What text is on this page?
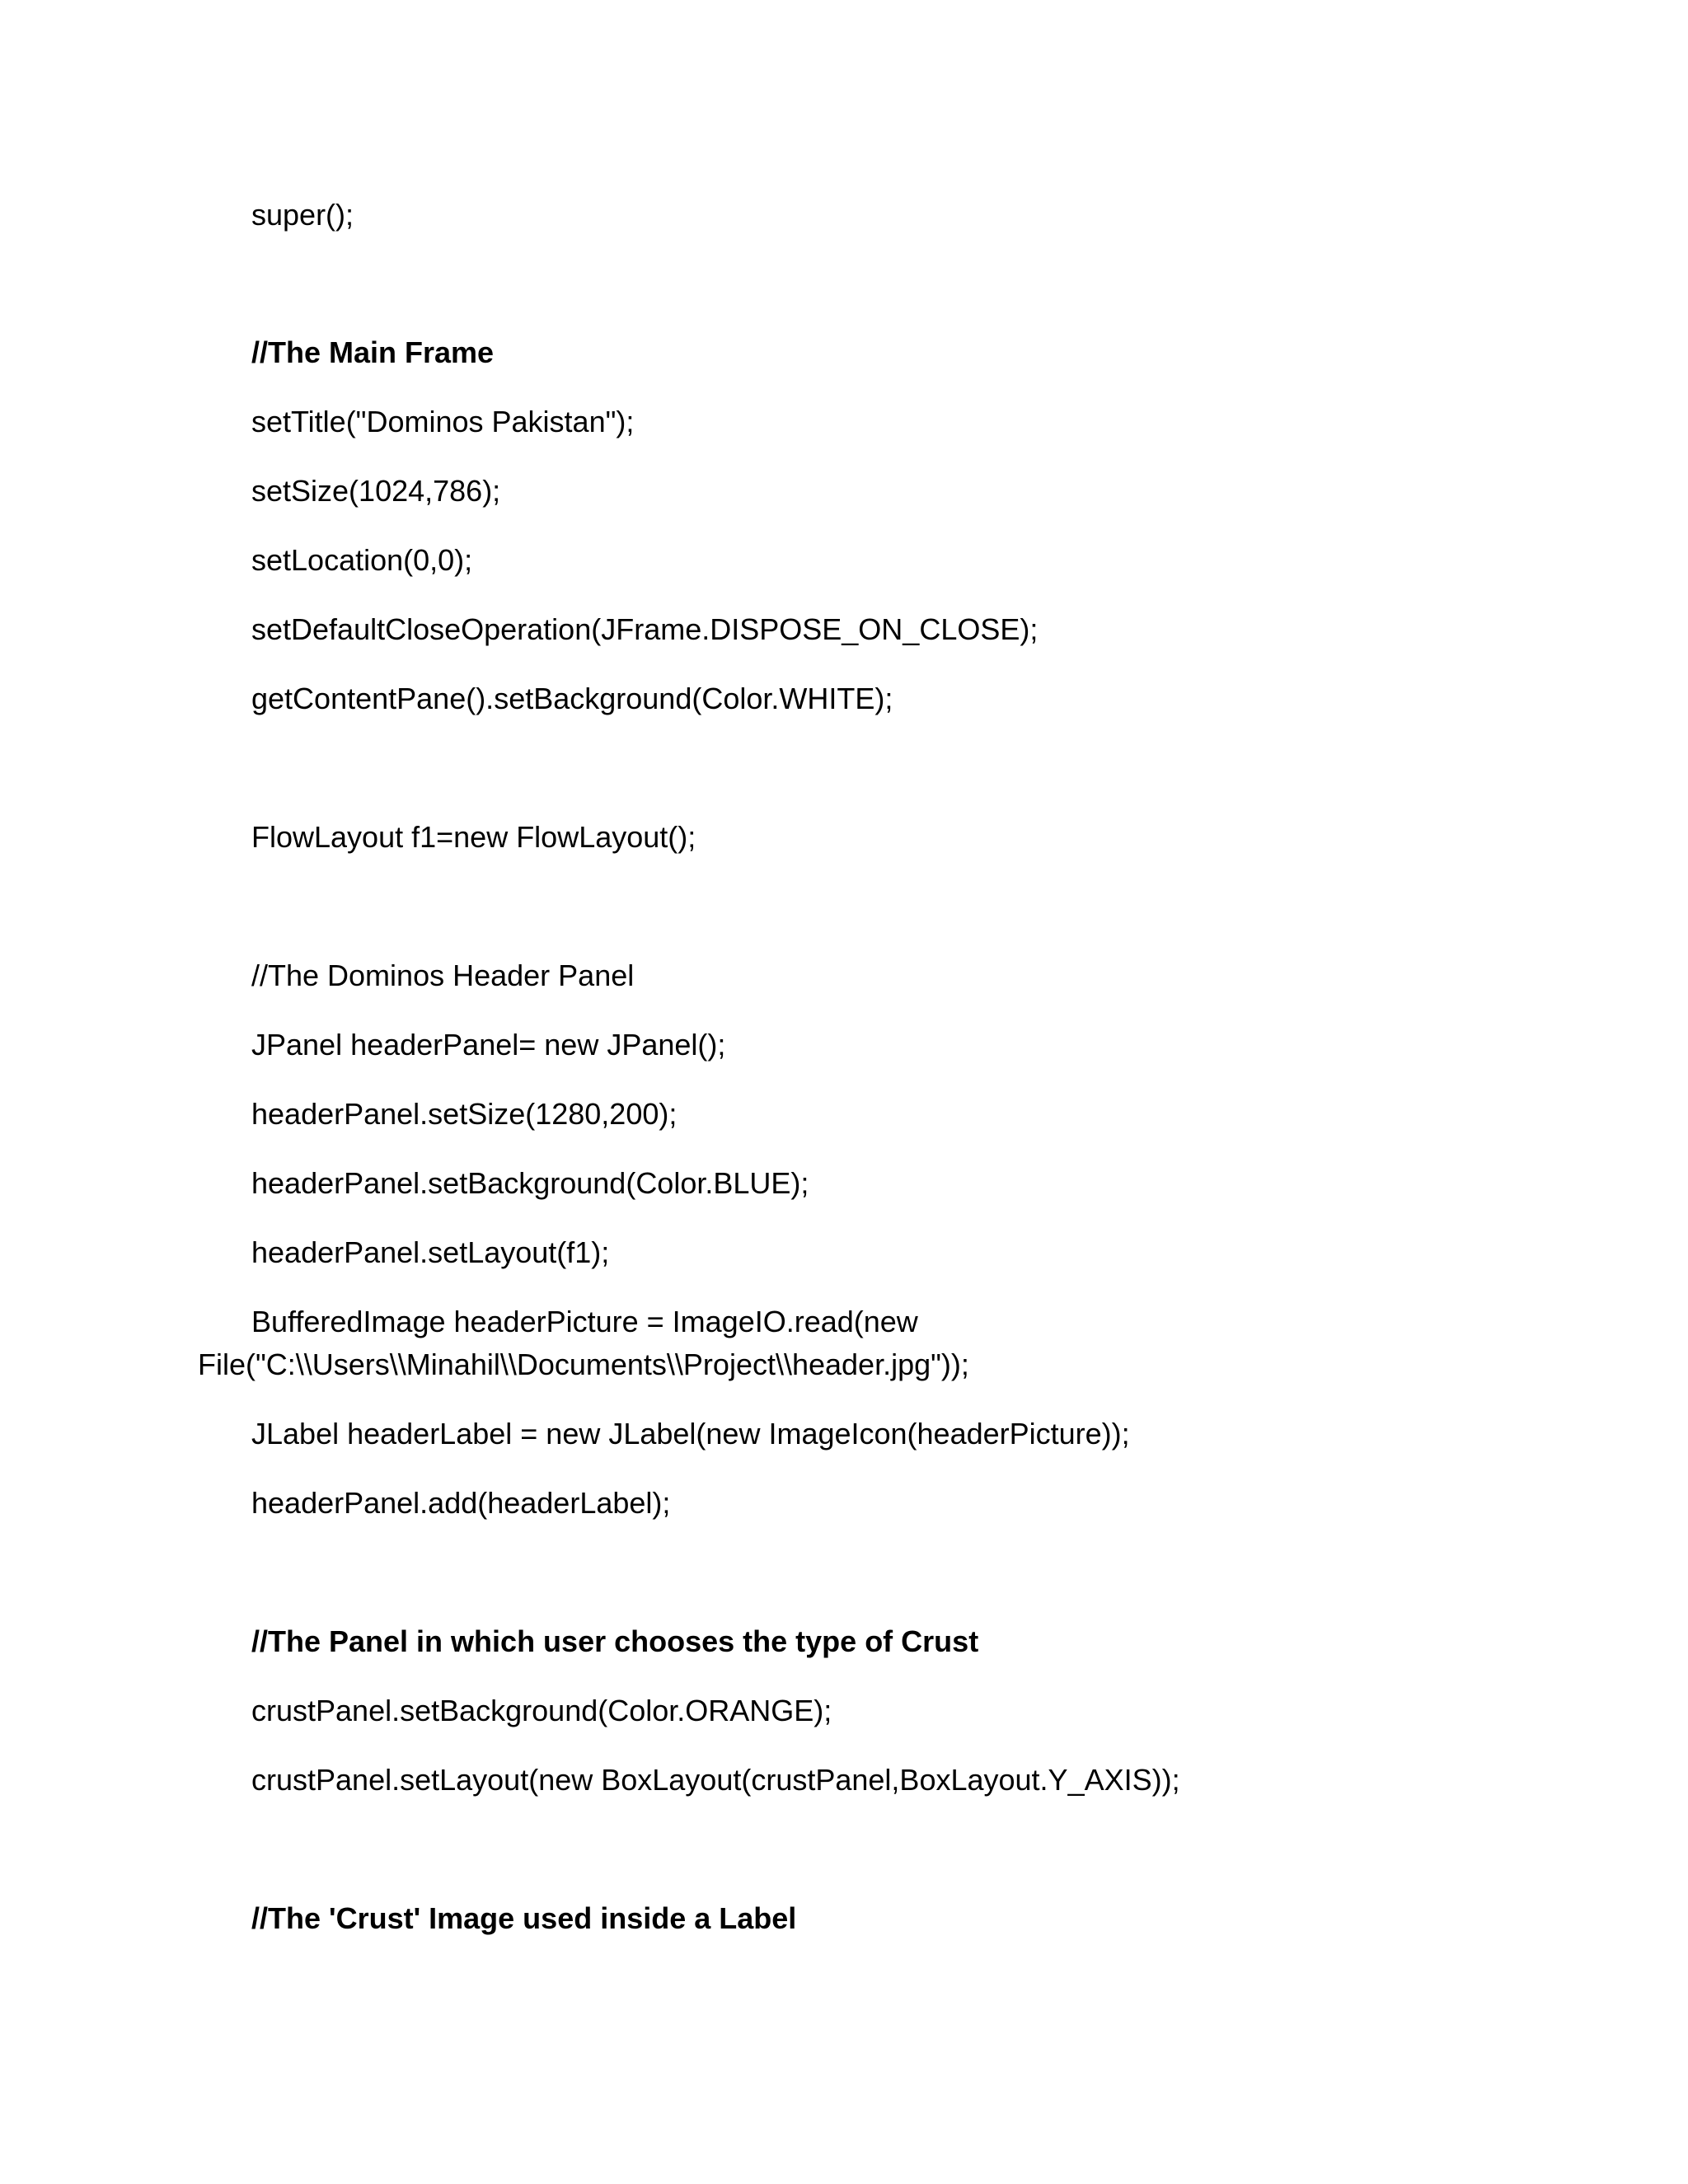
super();
//The Main Frame
setTitle("Dominos Pakistan");
setSize(1024,786);
setLocation(0,0);
setDefaultCloseOperation(JFrame.DISPOSE_ON_CLOSE);
getContentPane().setBackground(Color.WHITE);
FlowLayout f1=new FlowLayout();
//The Dominos Header Panel
JPanel headerPanel= new JPanel();
headerPanel.setSize(1280,200);
headerPanel.setBackground(Color.BLUE);
headerPanel.setLayout(f1);
BufferedImage headerPicture = ImageIO.read(new
File("C:\\Users\\Minahil\\Documents\\Project\\header.jpg"));
JLabel headerLabel = new JLabel(new ImageIcon(headerPicture));
headerPanel.add(headerLabel);
//The Panel in which user chooses the type of Crust
crustPanel.setBackground(Color.ORANGE);
crustPanel.setLayout(new BoxLayout(crustPanel,BoxLayout.Y_AXIS));
//The 'Crust' Image used inside a Label
